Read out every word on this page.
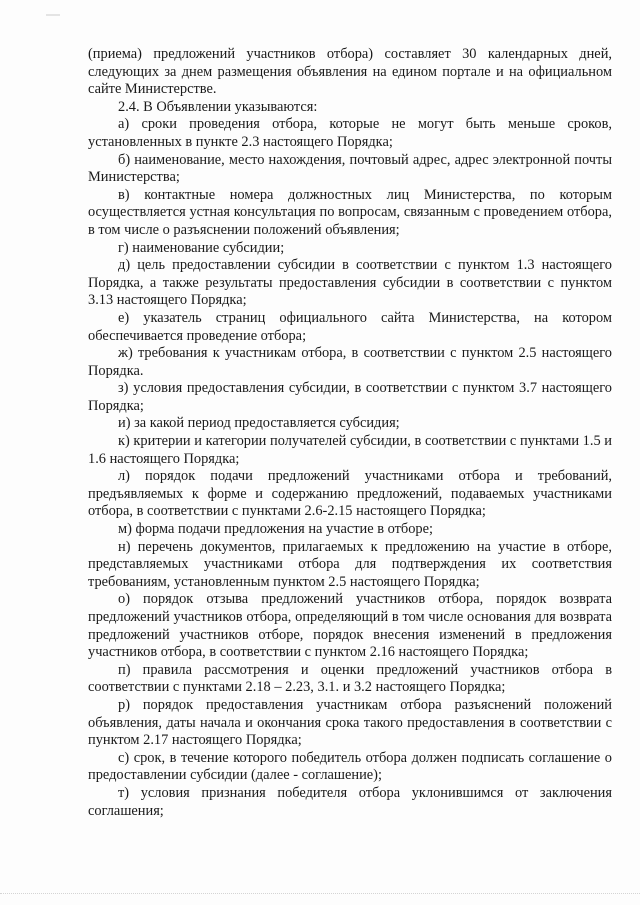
(приема) предложений участников отбора) составляет 30 календарных дней, следующих за днем размещения объявления на едином портале и на официальном сайте Министерстве.

2.4. В Объявлении указываются:

а) сроки проведения отбора, которые не могут быть меньше сроков, установленных в пункте 2.3 настоящего Порядка;

б) наименование, место нахождения, почтовый адрес, адрес электронной почты Министерства;

в) контактные номера должностных лиц Министерства, по которым осуществляется устная консультация по вопросам, связанным с проведением отбора, в том числе о разъяснении положений объявления;

г) наименование субсидии;

д) цель предоставлении субсидии в соответствии с пунктом 1.3 настоящего Порядка, а также результаты предоставления субсидии в соответствии с пунктом 3.13 настоящего Порядка;

е) указатель страниц официального сайта Министерства, на котором обеспечивается проведение отбора;

ж) требования к участникам отбора, в соответствии с пунктом 2.5 настоящего Порядка.

з) условия предоставления субсидии, в соответствии с пунктом 3.7 настоящего Порядка;

и) за какой период предоставляется субсидия;

к) критерии и категории получателей субсидии, в соответствии с пунктами 1.5 и 1.6 настоящего Порядка;

л) порядок подачи предложений участниками отбора и требований, предъявляемых к форме и содержанию предложений, подаваемых участниками отбора, в соответствии с пунктами 2.6-2.15 настоящего Порядка;

м) форма подачи предложения на участие в отборе;

н) перечень документов, прилагаемых к предложению на участие в отборе, представляемых участниками отбора для подтверждения их соответствия требованиям, установленным пунктом 2.5 настоящего Порядка;

о) порядок отзыва предложений участников отбора, порядок возврата предложений участников отбора, определяющий в том числе основания для возврата предложений участников отборе, порядок внесения изменений в предложения участников отбора, в соответствии с пунктом 2.16 настоящего Порядка;

п) правила рассмотрения и оценки предложений участников отбора в соответствии с пунктами 2.18 – 2.23, 3.1. и 3.2 настоящего Порядка;

р) порядок предоставления участникам отбора разъяснений положений объявления, даты начала и окончания срока такого предоставления в соответствии с пунктом 2.17 настоящего Порядка;

с) срок, в течение которого победитель отбора должен подписать соглашение о предоставлении субсидии (далее - соглашение);

т) условия признания победителя отбора уклонившимся от заключения соглашения;
